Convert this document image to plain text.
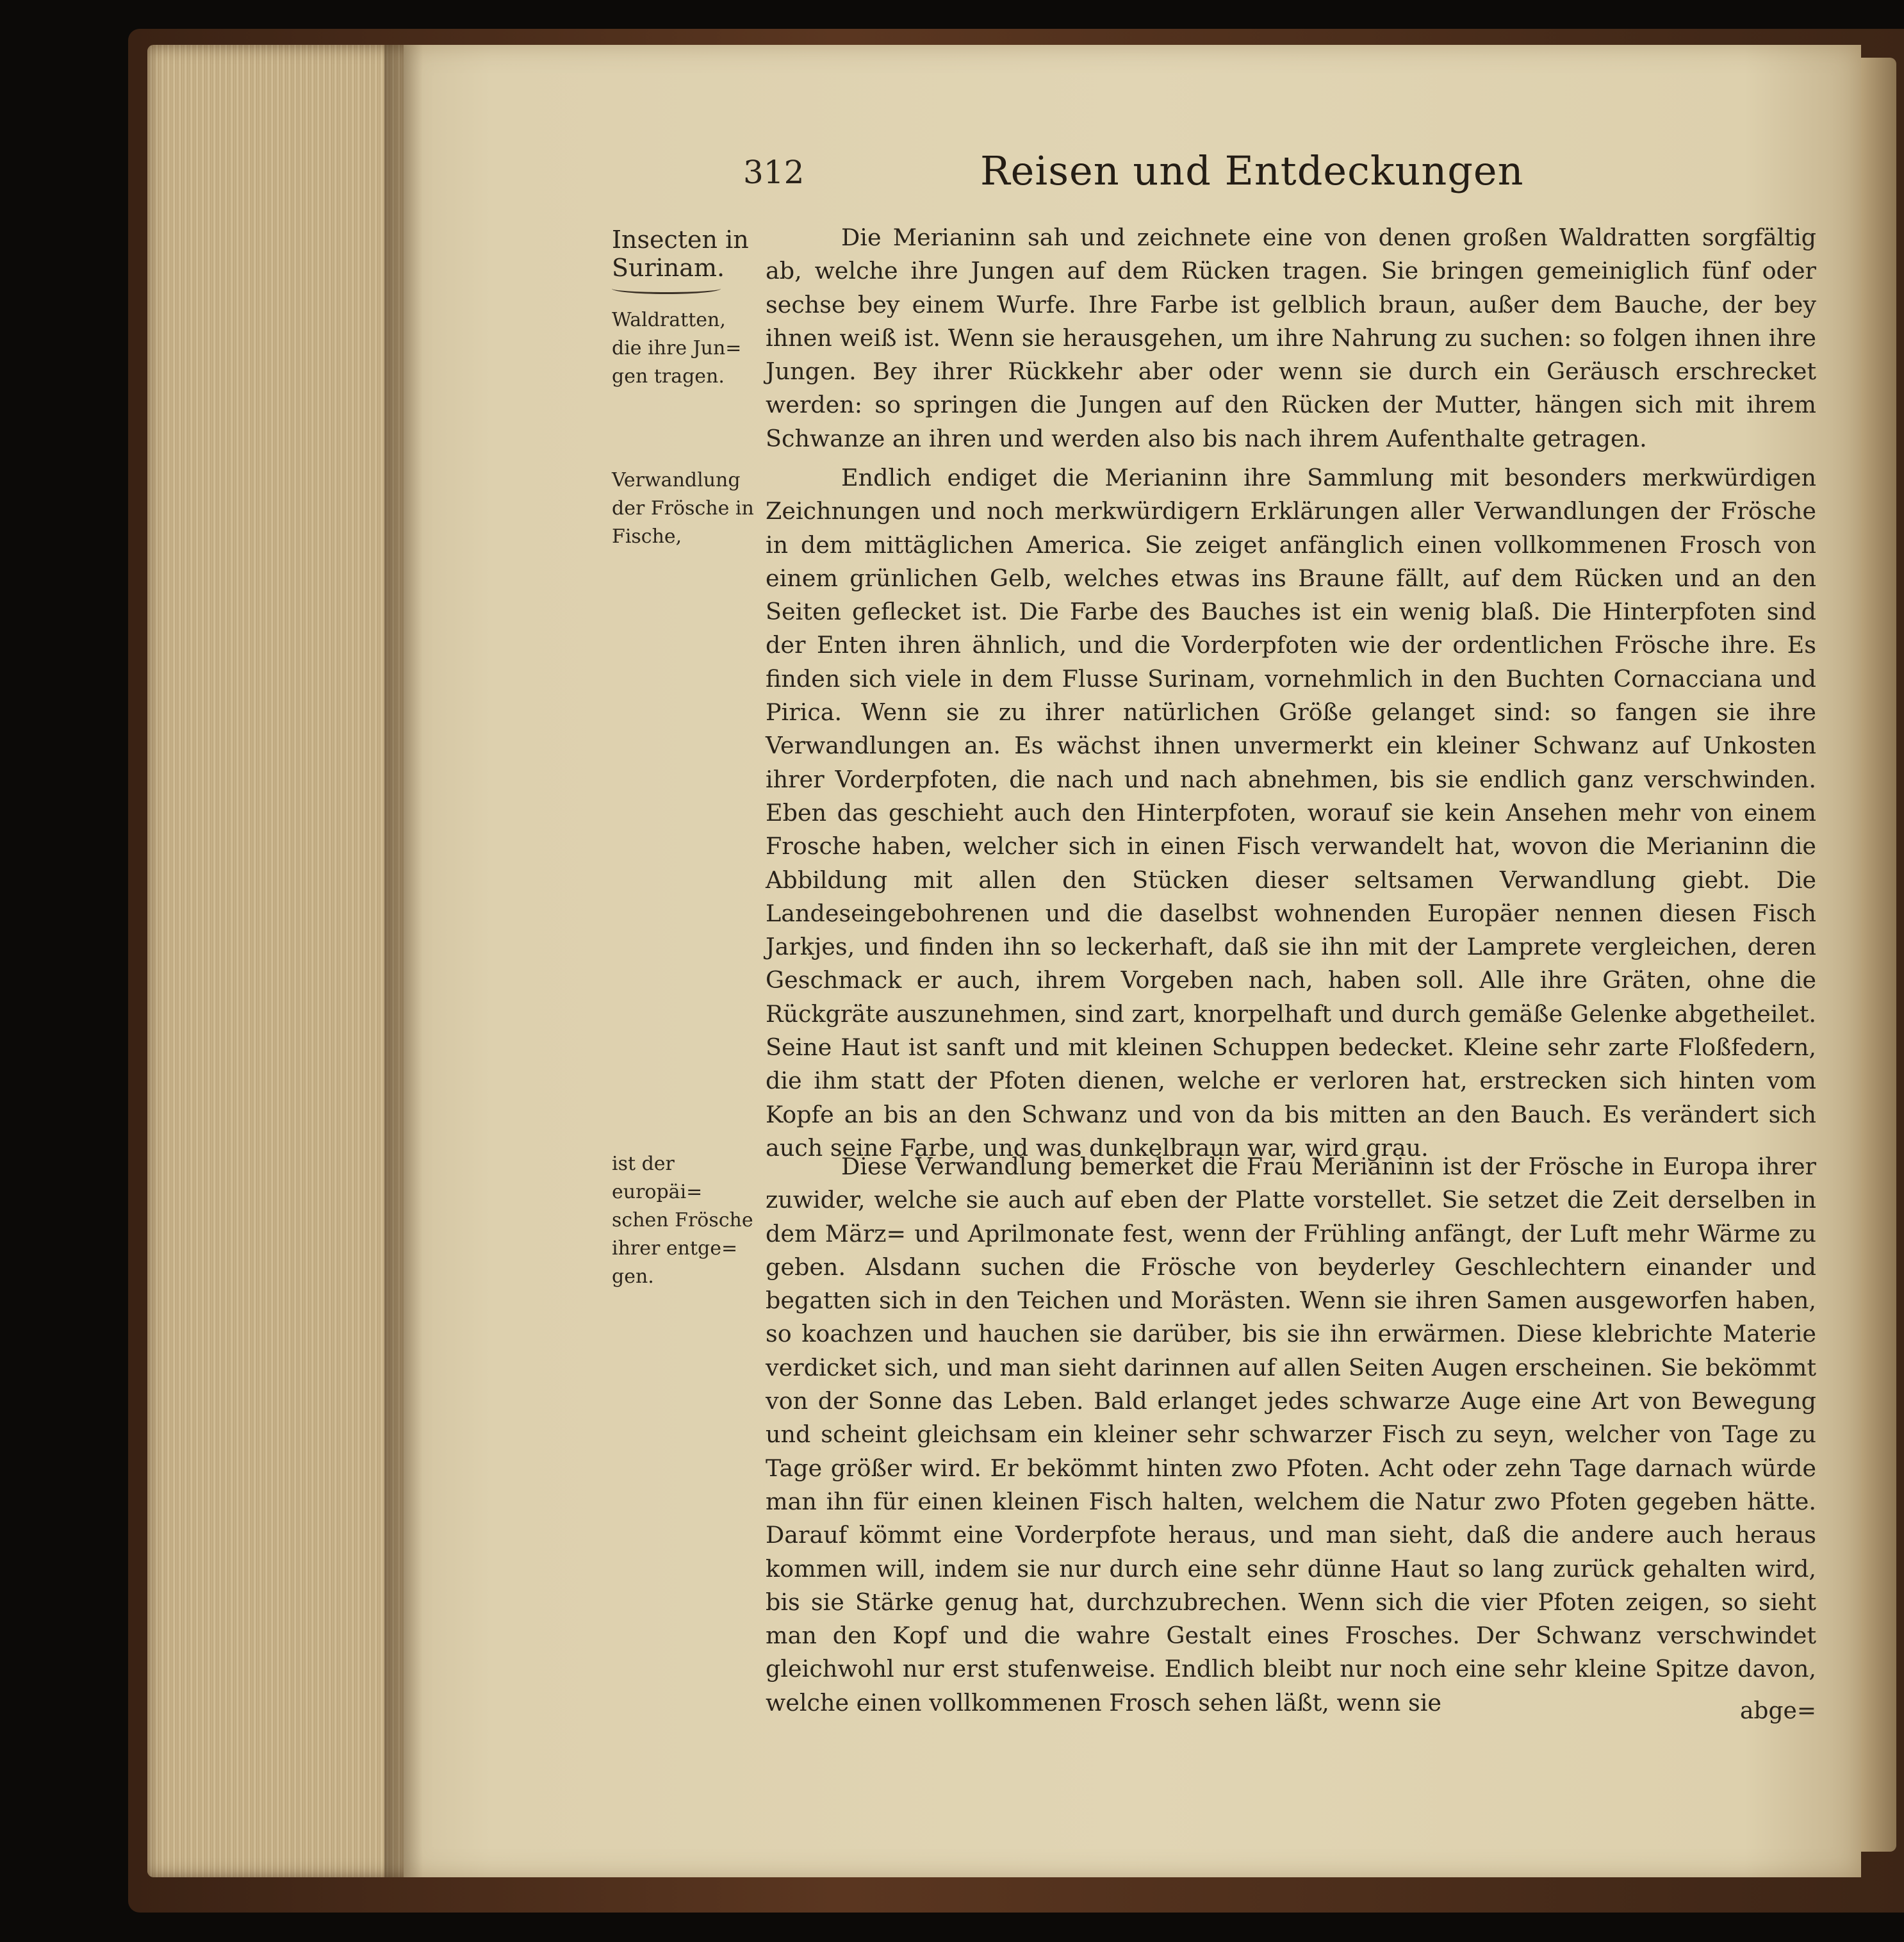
312	Reisen und Entdeckungen
Insecten in
Surinam.
Waldratten,
die ihre Jun=
gen tragen.
Verwandlung
der Frösche in
Fische,
ist der europäi=
schen Frösche
ihrer entge=
gen.

Die Merianinn sah und zeichnete eine von denen großen Waldratten sorgfältig ab, welche ihre Jungen auf dem Rücken tragen. Sie bringen gemeiniglich fünf oder sechse bey einem Wurfe. Ihre Farbe ist gelblich braun, außer dem Bauche, der bey ihnen weiß ist. Wenn sie herausgehen, um ihre Nahrung zu suchen: so folgen ihnen ihre Jungen. Bey ihrer Rückkehr aber oder wenn sie durch ein Geräusch erschrecket werden: so springen die Jungen auf den Rücken der Mutter, hängen sich mit ihrem Schwanze an ihren und werden also bis nach ihrem Aufenthalte getragen.

Endlich endiget die Merianinn ihre Sammlung mit besonders merkwürdigen Zeichnungen und noch merkwürdigern Erklärungen aller Verwandlungen der Frösche in dem mittäglichen America. Sie zeiget anfänglich einen vollkommenen Frosch von einem grünlichen Gelb, welches etwas ins Braune fällt, auf dem Rücken und an den Seiten geflecket ist. Die Farbe des Bauches ist ein wenig blaß. Die Hinterpfoten sind der Enten ihren ähnlich, und die Vorderpfoten wie der ordentlichen Frösche ihre. Es finden sich viele in dem Flusse Surinam, vornehmlich in den Buchten Cornacciana und Pirica. Wenn sie zu ihrer natürlichen Größe gelanget sind: so fangen sie ihre Verwandlungen an. Es wächst ihnen unvermerkt ein kleiner Schwanz auf Unkosten ihrer Vorderpfoten, die nach und nach abnehmen, bis sie endlich ganz verschwinden. Eben das geschieht auch den Hinterpfoten, worauf sie kein Ansehen mehr von einem Frosche haben, welcher sich in einen Fisch verwandelt hat, wovon die Merianinn die Abbildung mit allen den Stücken dieser seltsamen Verwandlung giebt. Die Landeseingebohrenen und die daselbst wohnenden Europäer nennen diesen Fisch Jarkjes, und finden ihn so leckerhaft, daß sie ihn mit der Lamprete vergleichen, deren Geschmack er auch, ihrem Vorgeben nach, haben soll. Alle ihre Gräten, ohne die Rückgräte auszunehmen, sind zart, knorpelhaft und durch gemäße Gelenke abgetheilet. Seine Haut ist sanft und mit kleinen Schuppen bedecket. Kleine sehr zarte Floßfedern, die ihm statt der Pfoten dienen, welche er verloren hat, erstrecken sich hinten vom Kopfe an bis an den Schwanz und von da bis mitten an den Bauch. Es verändert sich auch seine Farbe, und was dunkelbraun war, wird grau.

Diese Verwandlung bemerket die Frau Merianinn ist der Frösche in Europa ihrer zuwider, welche sie auch auf eben der Platte vorstellet. Sie setzet die Zeit derselben in dem März= und Aprilmonate fest, wenn der Frühling anfängt, der Luft mehr Wärme zu geben. Alsdann suchen die Frösche von beyderley Geschlechtern einander und begatten sich in den Teichen und Morästen. Wenn sie ihren Samen ausgeworfen haben, so koachzen und hauchen sie darüber, bis sie ihn erwärmen. Diese klebrichte Materie verdicket sich, und man sieht darinnen auf allen Seiten Augen erscheinen. Sie bekömmt von der Sonne das Leben. Bald erlanget jedes schwarze Auge eine Art von Bewegung und scheint gleichsam ein kleiner sehr schwarzer Fisch zu seyn, welcher von Tage zu Tage größer wird. Er bekömmt hinten zwo Pfoten. Acht oder zehn Tage darnach würde man ihn für einen kleinen Fisch halten, welchem die Natur zwo Pfoten gegeben hätte. Darauf kömmt eine Vorderpfote heraus, und man sieht, daß die andere auch heraus kommen will, indem sie nur durch eine sehr dünne Haut so lang zurück gehalten wird, bis sie Stärke genug hat, durchzubrechen. Wenn sich die vier Pfoten zeigen, so sieht man den Kopf und die wahre Gestalt eines Frosches. Der Schwanz verschwindet gleichwohl nur erst stufenweise. Endlich bleibt nur noch eine sehr kleine Spitze davon, welche einen vollkommenen Frosch sehen läßt, wenn sie	abge=
